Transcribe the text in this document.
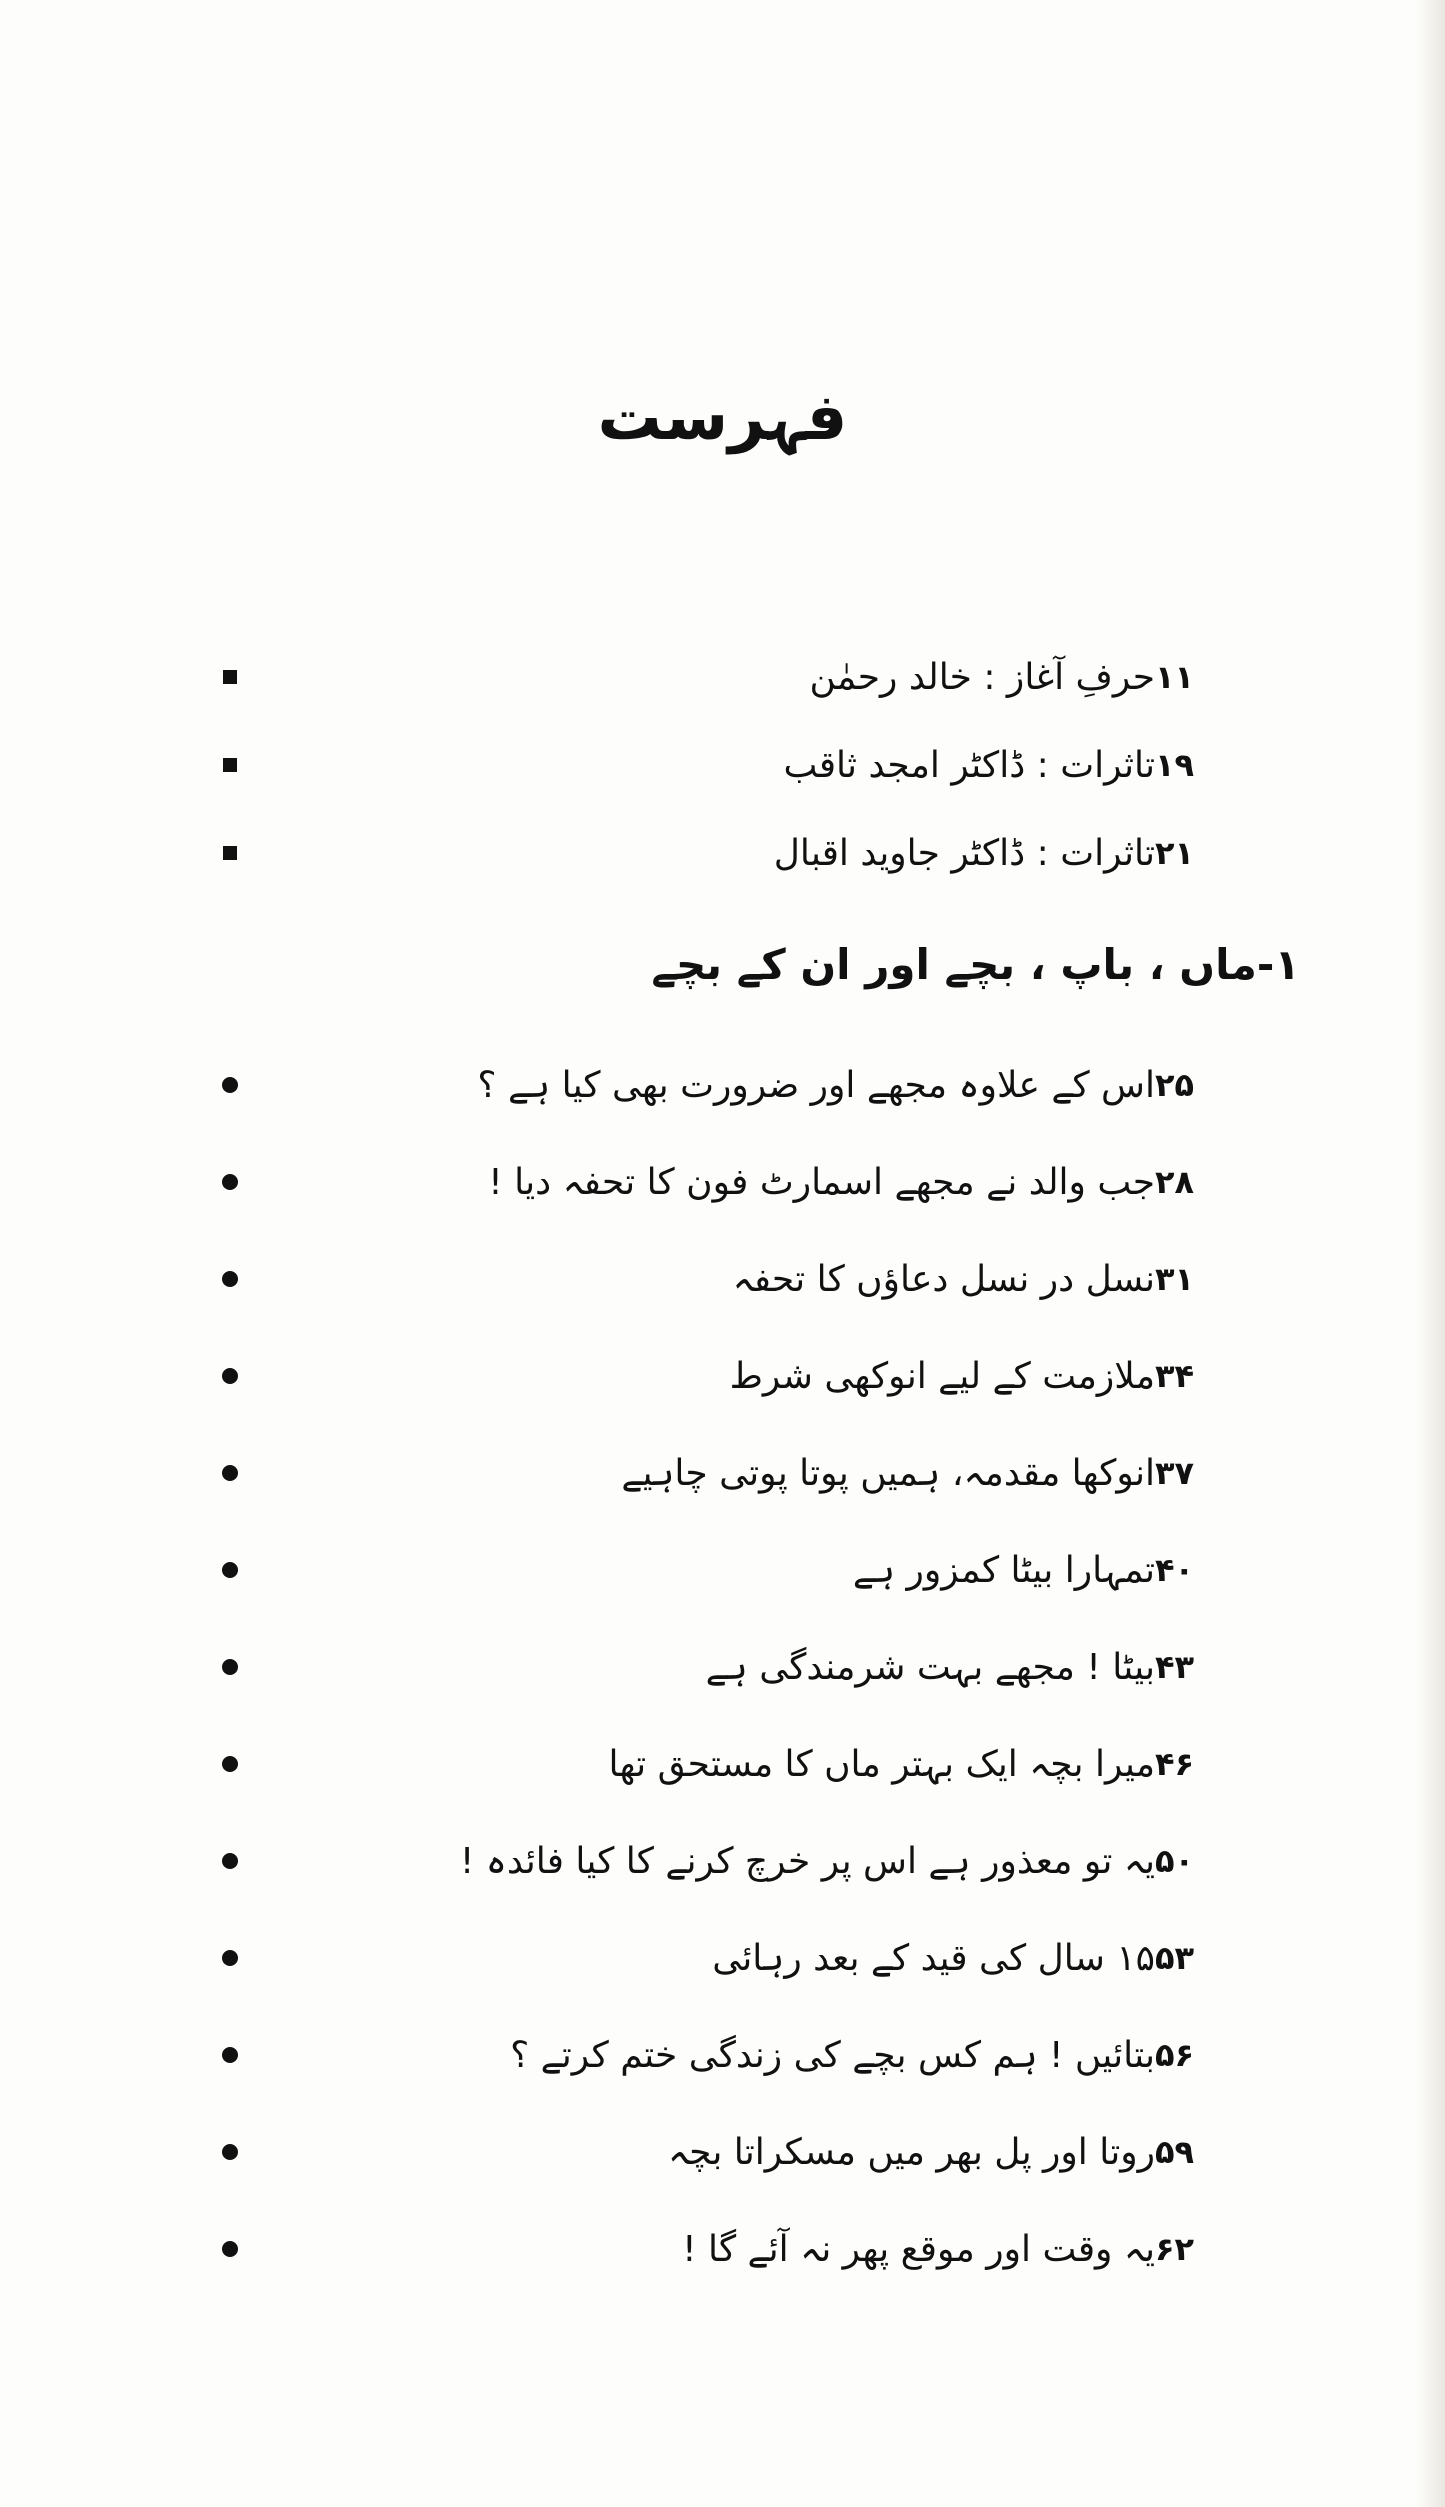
فہرست
حرفِ آغاز : خالد رحمٰن ۱۱
تاثرات : ڈاکٹر امجد ثاقب ۱۹
تاثرات : ڈاکٹر جاوید اقبال ۲۱
۱-ماں ، باپ ، بچے اور ان کے بچے
اس کے علاوہ مجھے اور ضرورت بھی کیا ہے ؟ ۲۵
جب والد نے مجھے اسمارٹ فون کا تحفہ دیا ! ۲۸
نسل در نسل دعاؤں کا تحفہ ۳۱
ملازمت کے لیے انوکھی شرط ۳۴
انوکھا مقدمہ، ہمیں پوتا پوتی چاہیے ۳۷
تمہارا بیٹا کمزور ہے ۴۰
بیٹا ! مجھے بہت شرمندگی ہے ۴۳
میرا بچہ ایک بہتر ماں کا مستحق تھا ۴۶
یہ تو معذور ہے اس پر خرچ کرنے کا کیا فائدہ ! ۵۰
۱۵ سال کی قید کے بعد رہائی ۵۳
بتائیں ! ہم کس بچے کی زندگی ختم کرتے ؟ ۵۶
روتا اور پل بھر میں مسکراتا بچہ ۵۹
یہ وقت اور موقع پھر نہ آئے گا ! ۶۲
